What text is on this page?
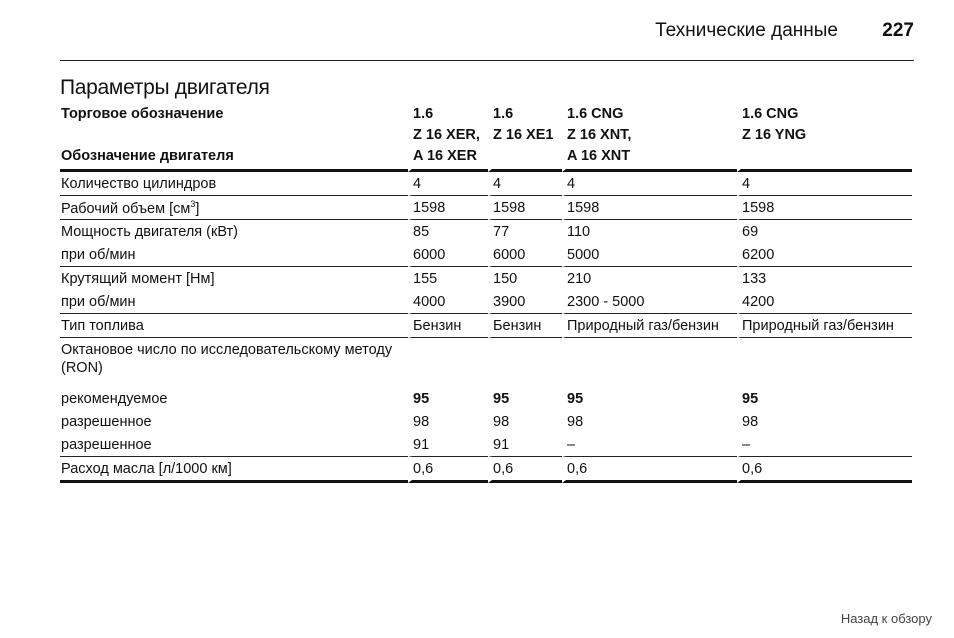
Технические данные 227
Параметры двигателя
Торговое обозначение	1.6	1.6	1.6 CNG	1.6 CNG
	Z 16 XER,	Z 16 XE1	Z 16 XNT,	Z 16 YNG
Обозначение двигателя	A 16 XER		A 16 XNT	
Количество цилиндров	4	4	4	4
Рабочий объем $[см^3]$	1598	1598	1598	1598
Мощность двигателя (кВт)	85	77	110	69
при об/мин	6000	6000	5000	6200
Крутящий момент [Нм]	155	150	210	133
при об/мин	4000	3900	2300 - 5000	4200
Тип топлива	Бензин	Бензин	Природный газ/бензин	Природный газ/бензин
Октановое число по исследовательскому методу (RON)				
рекомендуемое	95	95	95	95
разрешенное	98	98	98	98
разрешенное	91	91	–	–
Расход масла [л/1000 км]	0,6	0,6	0,6	0,6
Назад к обзору
